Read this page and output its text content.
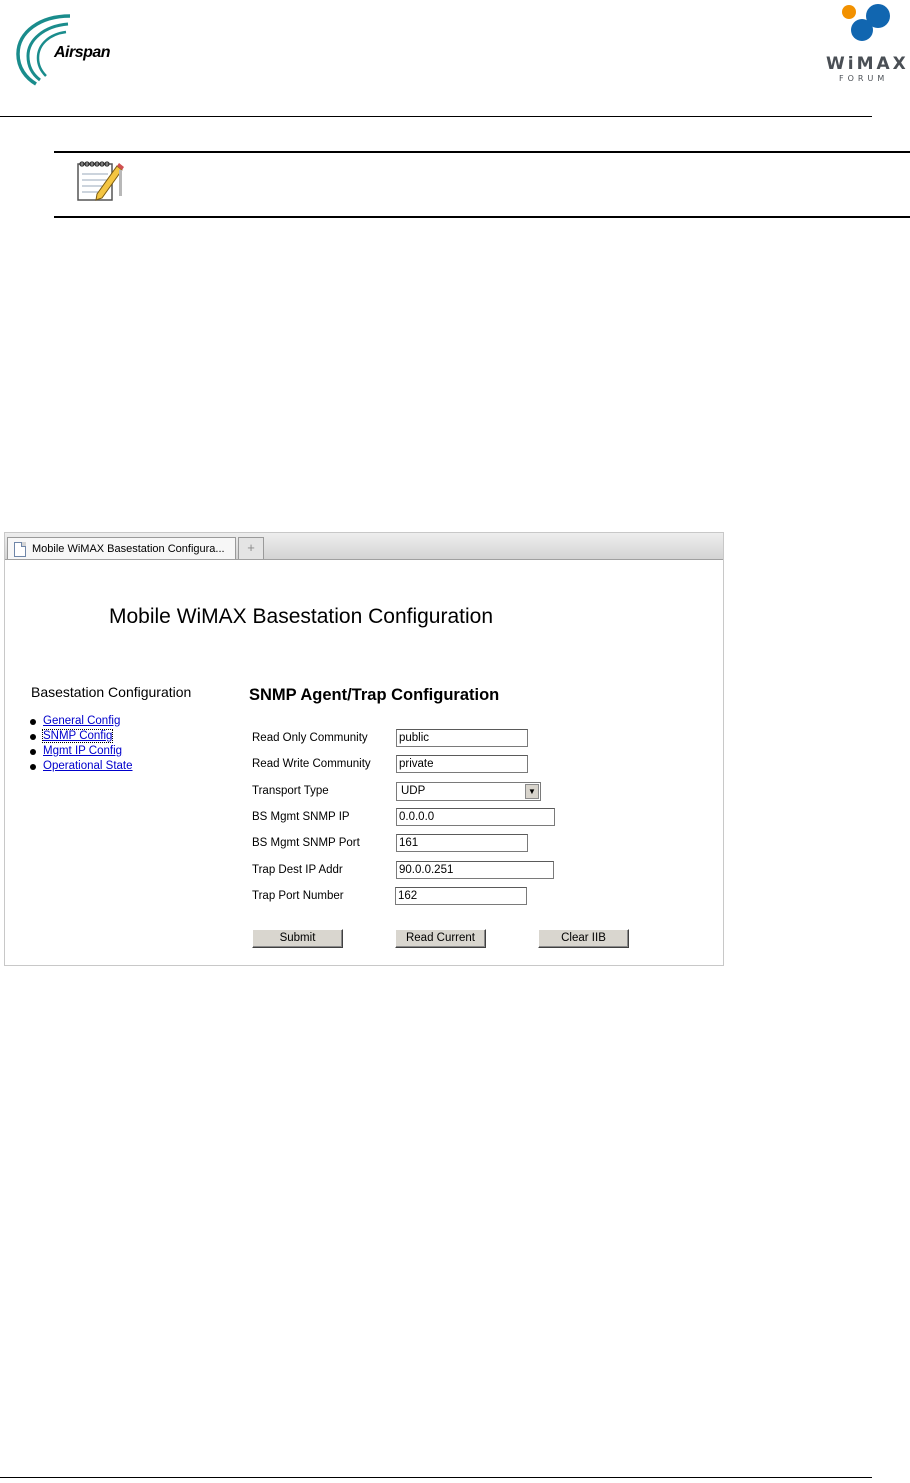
Airspan
WiMAX
FORUM
Mobile WiMAX Basestation Configura...	+
Mobile WiMAX Basestation Configuration
Basestation Configuration
General Config
SNMP Config
Mgmt IP Config
Operational State
SNMP Agent/Trap Configuration
Read Only Community	public
Read Write Community private
Transport Type	UDP	▼
BS Mgmt SNMP IP	0.0.0.0
BS Mgmt SNMP Port	161
Trap Dest IP Addr	90.0.0.251
Trap Port Number	162
Submit	Read Current	Clear IIB
